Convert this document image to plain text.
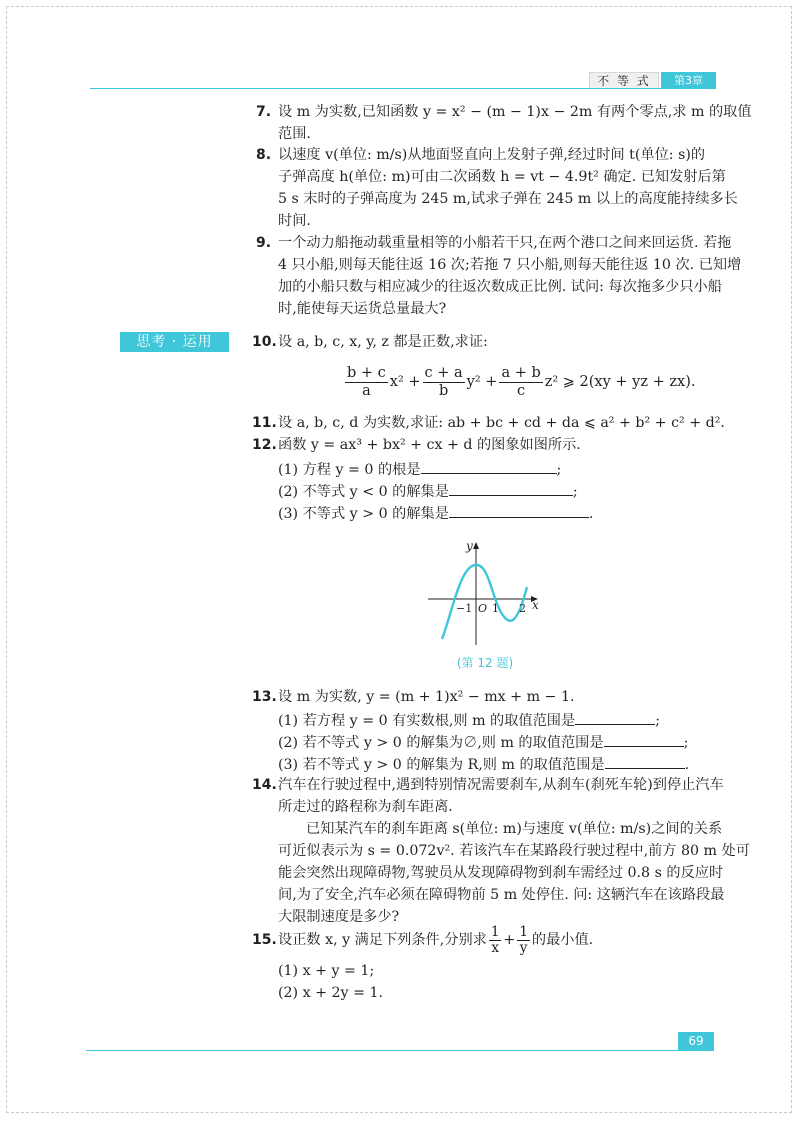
不 等 式	第3章
7. 设 m 为实数,已知函数 y = x² − (m − 1)x − 2m 有两个零点,求 m 的取值
范围.
8. 以速度 v(单位: m/s)从地面竖直向上发射子弹,经过时间 t(单位: s)的
子弹高度 h(单位: m)可由二次函数 h = vt − 4.9t² 确定. 已知发射后第
5 s 末时的子弹高度为 245 m,试求子弹在 245 m 以上的高度能持续多长
时间.
9. 一个动力船拖动载重量相等的小船若干只,在两个港口之间来回运货. 若拖
4 只小船,则每天能往返 16 次;若拖 7 只小船,则每天能往返 10 次. 已知增
加的小船只数与相应减少的往返次数成正比例. 试问: 每次拖多少只小船
时,能使每天运货总量最大?
思考 · 运用	10. 设 a, b, c, x, y, z 都是正数,求证:
$\frac{b + c}{a} x^2 + \frac{c + a}{b} y^2 + \frac{a + b}{c} z^2$ ⩾ 2(xy + yz + zx).
11. 设 a, b, c, d 为实数,求证: ab + bc + cd + da ⩽ a² + b² + c² + d².
12. 函数 y = ax³ + bx² + cx + d 的图象如图所示.
(1) 方程 y = 0 的根是	;
(2) 不等式 y < 0 的解集是	;
(3) 不等式 y > 0 的解集是	.
y
x
−1 O 1 2
(第 12 题)
13. 设 m 为实数, y = (m + 1)x² − mx + m − 1.
(1) 若方程 y = 0 有实数根,则 m 的取值范围是	;
(2) 若不等式 y > 0 的解集为∅,则 m 的取值范围是	;
(3) 若不等式 y > 0 的解集为 R,则 m 的取值范围是	.
14. 汽车在行驶过程中,遇到特别情况需要刹车,从刹车(刹死车轮)到停止汽车
所走过的路程称为刹车距离.
已知某汽车的刹车距离 s(单位: m)与速度 v(单位: m/s)之间的关系
可近似表示为 s = 0.072v². 若该汽车在某路段行驶过程中,前方 80 m 处可
能会突然出现障碍物,驾驶员从发现障碍物到刹车需经过 0.8 s 的反应时
间,为了安全,汽车必须在障碍物前 5 m 处停住. 问: 这辆汽车在该路段最
大限制速度是多少?
15. 设正数 x, y 满足下列条件,分别求 $\frac{1}{x} + \frac{1}{y}$ 的最小值.
(1) x + y = 1;
(2) x + 2y = 1.
69
